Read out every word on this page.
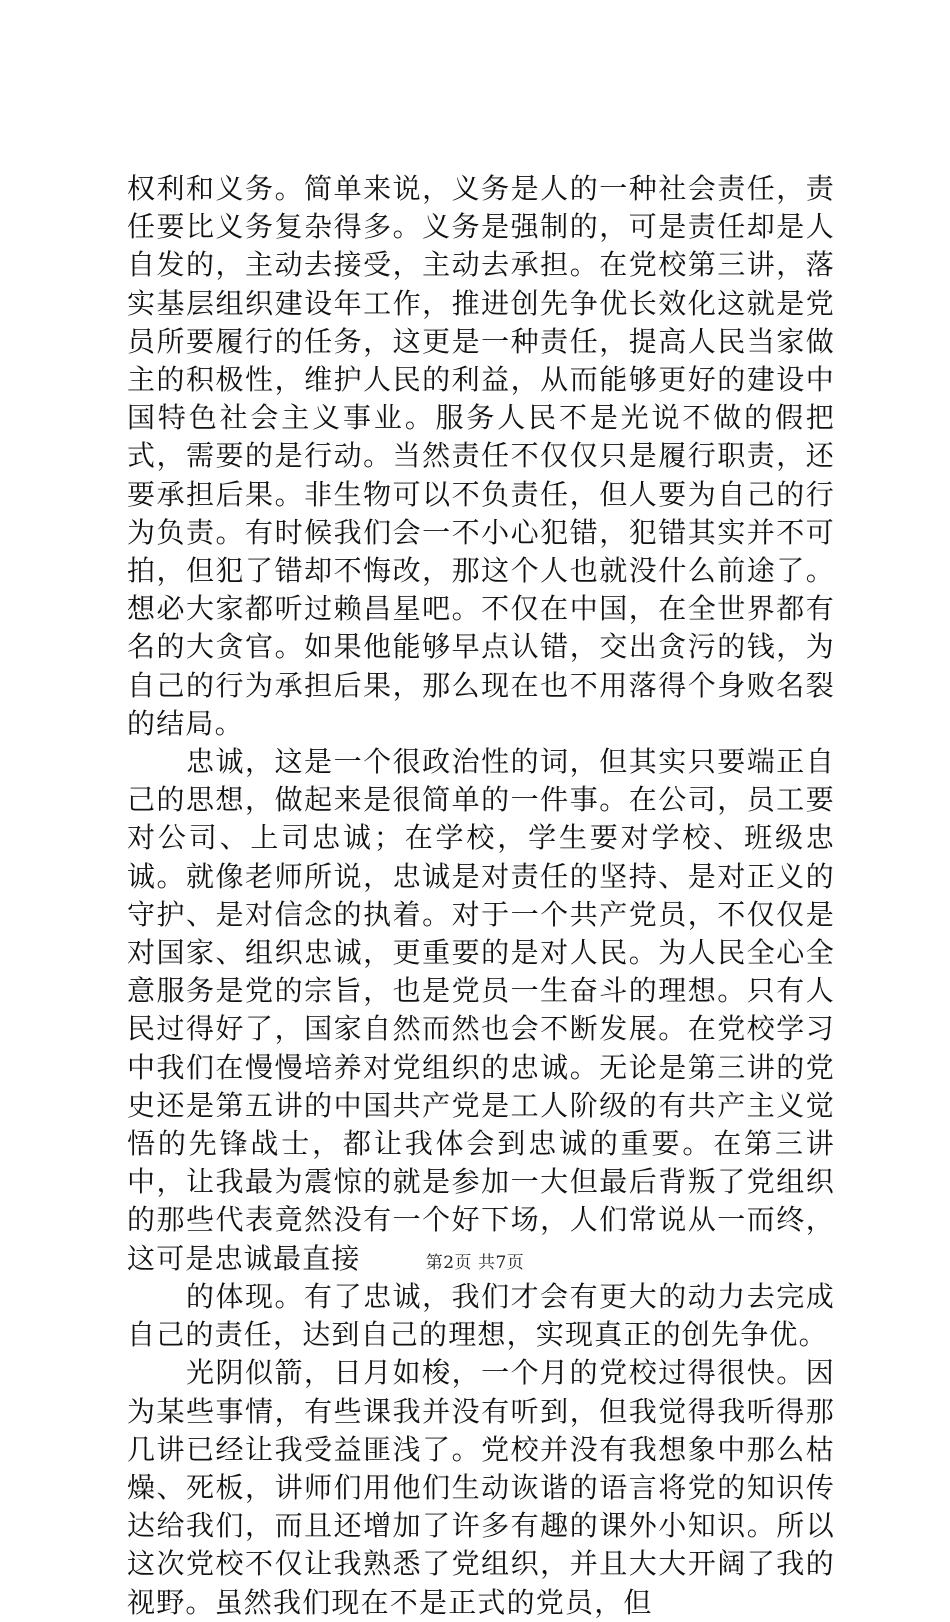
权利和义务。简单来说，义务是人的一种社会责任，责任要比义务复杂得多。义务是强制的，可是责任却是人自发的，主动去接受，主动去承担。在党校第三讲，落实基层组织建设年工作，推进创先争优长效化这就是党员所要履行的任务，这更是一种责任，提高人民当家做主的积极性，维护人民的利益，从而能够更好的建设中国特色社会主义事业。服务人民不是光说不做的假把式，需要的是行动。当然责任不仅仅只是履行职责，还要承担后果。非生物可以不负责任，但人要为自己的行为负责。有时候我们会一不小心犯错，犯错其实并不可拍，但犯了错却不悔改，那这个人也就没什么前途了。想必大家都听过赖昌星吧。不仅在中国，在全世界都有名的大贪官。如果他能够早点认错，交出贪污的钱，为自己的行为承担后果，那么现在也不用落得个身败名裂的结局。

忠诚，这是一个很政治性的词，但其实只要端正自己的思想，做起来是很简单的一件事。在公司，员工要对公司、上司忠诚；在学校，学生要对学校、班级忠诚。就像老师所说，忠诚是对责任的坚持、是对正义的守护、是对信念的执着。对于一个共产党员，不仅仅是对国家、组织忠诚，更重要的是对人民。为人民全心全意服务是党的宗旨，也是党员一生奋斗的理想。只有人民过得好了，国家自然而然也会不断发展。在党校学习中我们在慢慢培养对党组织的忠诚。无论是第三讲的党史还是第五讲的中国共产党是工人阶级的有共产主义觉悟的先锋战士，都让我体会到忠诚的重要。在第三讲中，让我最为震惊的就是参加一大但最后背叛了党组织的那些代表竟然没有一个好下场，人们常说从一而终，这可是忠诚最直接

的体现。有了忠诚，我们才会有更大的动力去完成自己的责任，达到自己的理想，实现真正的创先争优。

光阴似箭，日月如梭，一个月的党校过得很快。因为某些事情，有些课我并没有听到，但我觉得我听得那几讲已经让我受益匪浅了。党校并没有我想象中那么枯燥、死板，讲师们用他们生动诙谐的语言将党的知识传达给我们，而且还增加了许多有趣的课外小知识。所以这次党校不仅让我熟悉了党组织，并且大大开阔了我的视野。虽然我们现在不是正式的党员，但

第2页 共7页
